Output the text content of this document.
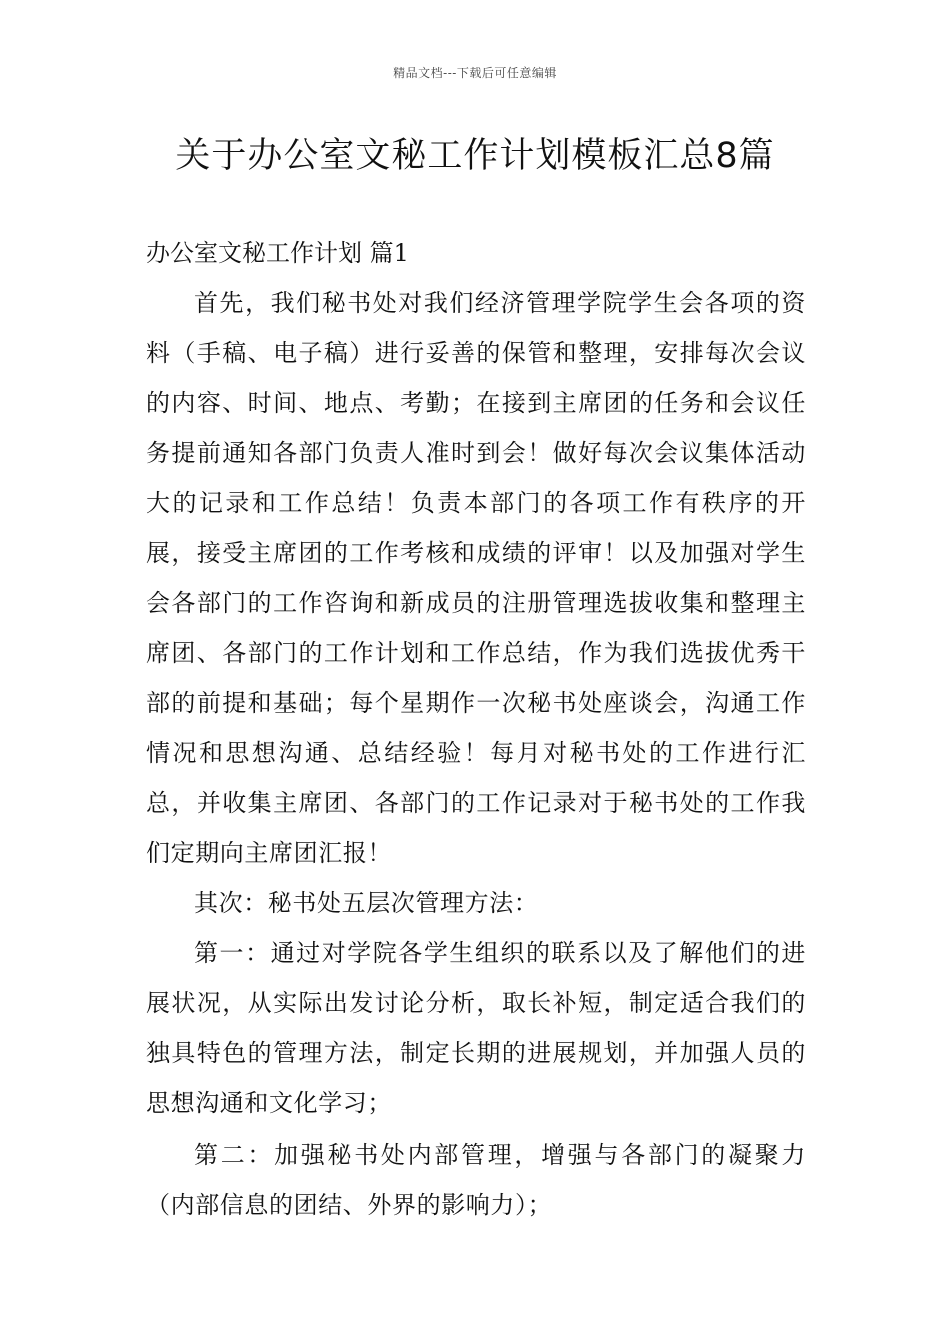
精品文档---下载后可任意编辑
关于办公室文秘工作计划模板汇总8篇

办公室文秘工作计划 篇1

首先，我们秘书处对我们经济管理学院学生会各项的资料（手稿、电子稿）进行妥善的保管和整理，安排每次会议的内容、时间、地点、考勤；在接到主席团的任务和会议任务提前通知各部门负责人准时到会！做好每次会议集体活动大的记录和工作总结！负责本部门的各项工作有秩序的开展，接受主席团的工作考核和成绩的评审！以及加强对学生会各部门的工作咨询和新成员的注册管理选拔收集和整理主席团、各部门的工作计划和工作总结，作为我们选拔优秀干部的前提和基础；每个星期作一次秘书处座谈会，沟通工作情况和思想沟通、总结经验！每月对秘书处的工作进行汇总，并收集主席团、各部门的工作记录对于秘书处的工作我们定期向主席团汇报！

其次：秘书处五层次管理方法：

第一：通过对学院各学生组织的联系以及了解他们的进展状况，从实际出发讨论分析，取长补短，制定适合我们的独具特色的管理方法，制定长期的进展规划，并加强人员的思想沟通和文化学习；

第二：加强秘书处内部管理，增强与各部门的凝聚力（内部信息的团结、外界的影响力）；
